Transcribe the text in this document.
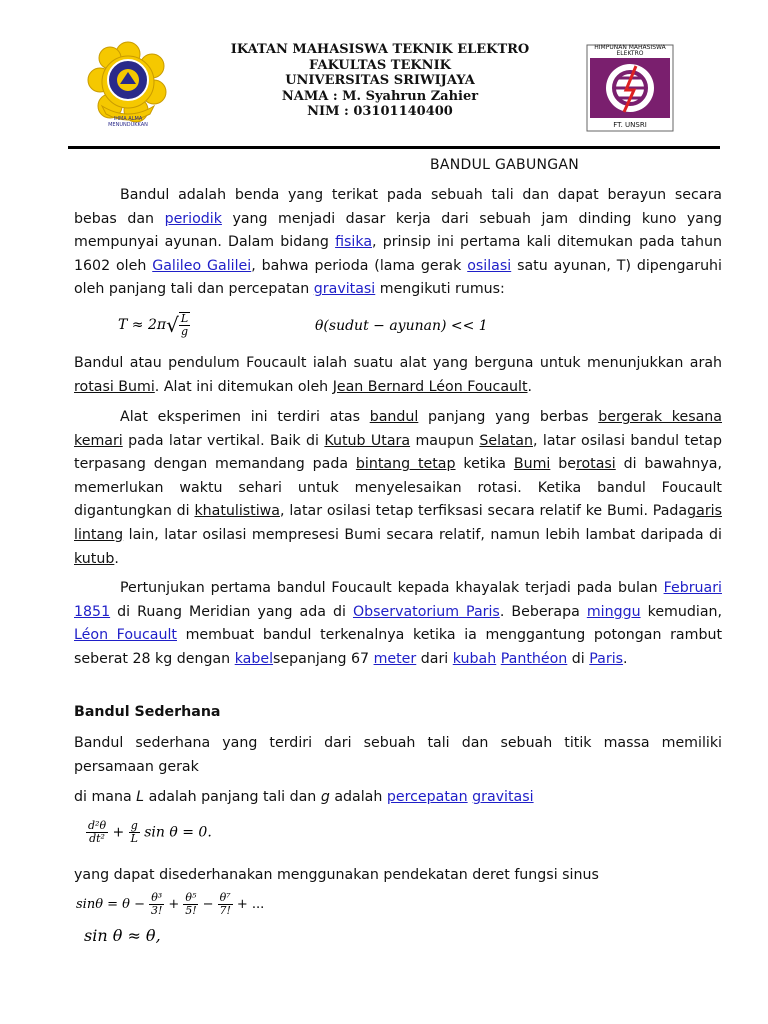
IKATAN MAHASISWA TEKNIK ELEKTRO
FAKULTAS TEKNIK
UNIVERSITAS SRIWIJAYA
NAMA : M. Syahrun Zahier
NIM : 03101140400
HIMPUNAN MAHASISWA ELEKTRO
FT. UNSRI
IHMA ALMA MENUNDUKKAN
BANDUL GABUNGAN

Bandul adalah benda yang terikat pada sebuah tali dan dapat berayun secara bebas dan periodik yang menjadi dasar kerja dari sebuah jam dinding kuno yang mempunyai ayunan. Dalam bidang fisika, prinsip ini pertama kali ditemukan pada tahun 1602 oleh Galileo Galilei, bahwa perioda (lama gerak osilasi satu ayunan, T) dipengaruhi oleh panjang tali dan percepatan gravitasi mengikuti rumus:

$T \approx 2\pi√ \frac{L}{g}$	θ(sudut − ayunan) << 1

Bandul atau pendulum Foucault ialah suatu alat yang berguna untuk menunjukkan arah rotasi Bumi. Alat ini ditemukan oleh Jean Bernard Léon Foucault.

Alat eksperimen ini terdiri atas bandul panjang yang berbas bergerak kesana kemari pada latar vertikal. Baik di Kutub Utara maupun Selatan, latar osilasi bandul tetap terpasang dengan memandang pada bintang tetap ketika Bumi berotasi di bawahnya, memerlukan waktu sehari untuk menyelesaikan rotasi. Ketika bandul Foucault digantungkan di khatulistiwa, latar osilasi tetap terfiksasi secara relatif ke Bumi. Padagaris lintang lain, latar osilasi mempresesi Bumi secara relatif, namun lebih lambat daripada di kutub.

Pertunjukan pertama bandul Foucault kepada khayalak terjadi pada bulan Februari 1851 di Ruang Meridian yang ada di Observatorium Paris. Beberapa minggu kemudian, Léon Foucault membuat bandul terkenalnya ketika ia menggantung potongan rambut seberat 28 kg dengan kabelsepanjang 67 meter dari kubah Panthéon di Paris.

Bandul Sederhana

Bandul sederhana yang terdiri dari sebuah tali dan sebuah titik massa memiliki persamaan gerak

di mana L adalah panjang tali dan g adalah percepatan gravitasi

$\frac{\text{d²θ}}{\text{dt²}} + \frac{g}{L}$ sin θ = 0.

yang dapat disederhanakan menggunakan pendekatan deret fungsi sinus

$\sin\theta = \theta - \frac{\text{θ³}}{3!} + \frac{\text{θ⁵}}{5!} - \frac{\text{θ⁷}}{7!}$ + ...
sin θ ≈ θ,
